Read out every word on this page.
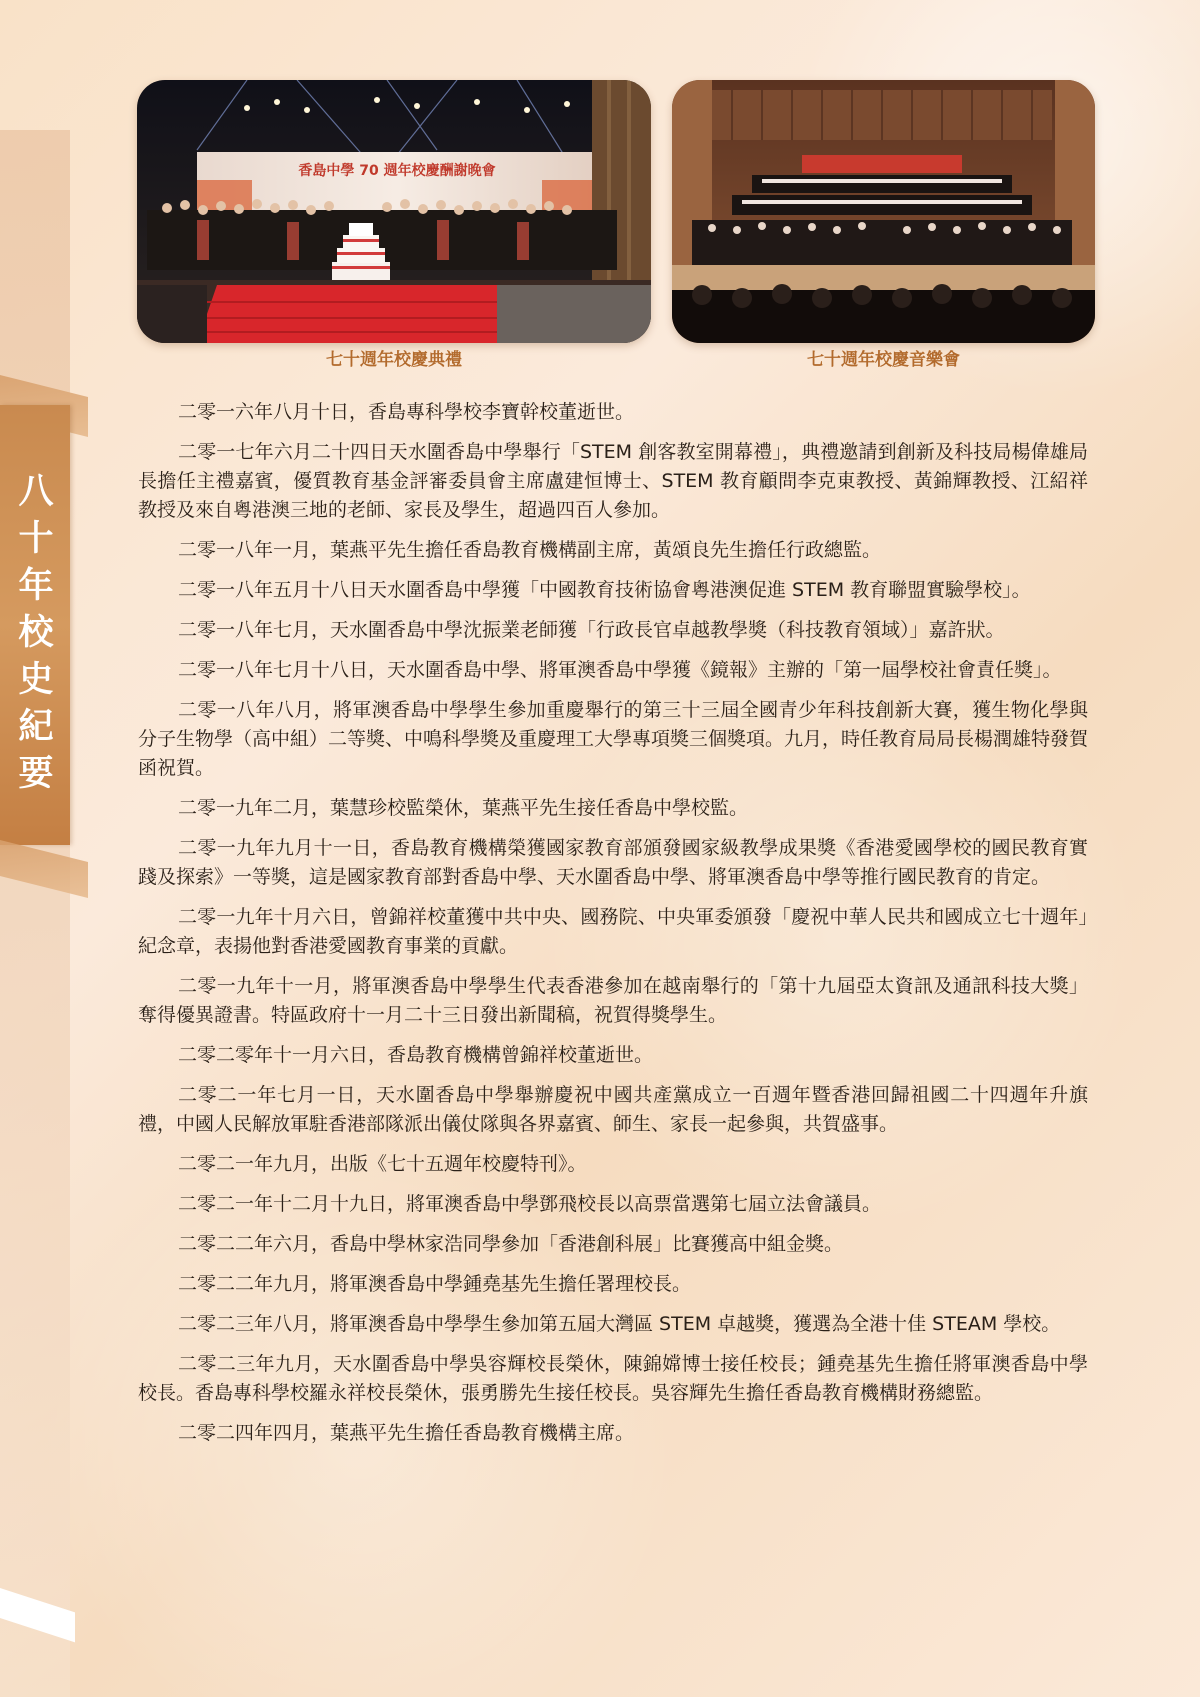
八
十
年
校
史
紀
要
香島中學 70 週年校慶酬謝晚會
七十週年校慶典禮	七十週年校慶音樂會

二零一六年八月十日，香島專科學校李寶幹校董逝世。

二零一七年六月二十四日天水圍香島中學舉行「STEM 創客教室開幕禮」，典禮邀請到創新及科技局楊偉雄局長擔任主禮嘉賓，優質教育基金評審委員會主席盧建恒博士、STEM 教育顧問李克東教授、黃錦輝教授、江紹祥教授及來自粵港澳三地的老師、家長及學生，超過四百人參加。

二零一八年一月，葉燕平先生擔任香島教育機構副主席，黃頌良先生擔任行政總監。

二零一八年五月十八日天水圍香島中學獲「中國教育技術協會粵港澳促進 STEM 教育聯盟實驗學校」。

二零一八年七月，天水圍香島中學沈振業老師獲「行政長官卓越教學獎（科技教育領域）」嘉許狀。

二零一八年七月十八日，天水圍香島中學、將軍澳香島中學獲《鏡報》主辦的「第一屆學校社會責任獎」。

二零一八年八月，將軍澳香島中學學生參加重慶舉行的第三十三屆全國青少年科技創新大賽，獲生物化學與分子生物學（高中組）二等獎、中鳴科學獎及重慶理工大學專項獎三個獎項。九月，時任教育局局長楊潤雄特發賀函祝賀。

二零一九年二月，葉慧珍校監榮休，葉燕平先生接任香島中學校監。

二零一九年九月十一日，香島教育機構榮獲國家教育部頒發國家級教學成果獎《香港愛國學校的國民教育實踐及探索》一等獎，這是國家教育部對香島中學、天水圍香島中學、將軍澳香島中學等推行國民教育的肯定。

二零一九年十月六日，曾錦祥校董獲中共中央、國務院、中央軍委頒發「慶祝中華人民共和國成立七十週年」紀念章，表揚他對香港愛國教育事業的貢獻。

二零一九年十一月，將軍澳香島中學學生代表香港參加在越南舉行的「第十九屆亞太資訊及通訊科技大獎」奪得優異證書。特區政府十一月二十三日發出新聞稿，祝賀得獎學生。

二零二零年十一月六日，香島教育機構曾錦祥校董逝世。

二零二一年七月一日，天水圍香島中學舉辦慶祝中國共產黨成立一百週年暨香港回歸祖國二十四週年升旗禮，中國人民解放軍駐香港部隊派出儀仗隊與各界嘉賓、師生、家長一起參與，共賀盛事。

二零二一年九月，出版《七十五週年校慶特刊》。

二零二一年十二月十九日，將軍澳香島中學鄧飛校長以高票當選第七屆立法會議員。

二零二二年六月，香島中學林家浩同學參加「香港創科展」比賽獲高中組金獎。

二零二二年九月，將軍澳香島中學鍾堯基先生擔任署理校長。

二零二三年八月，將軍澳香島中學學生參加第五屆大灣區 STEM 卓越獎，獲選為全港十佳 STEAM 學校。

二零二三年九月，天水圍香島中學吳容輝校長榮休，陳錦嫦博士接任校長；鍾堯基先生擔任將軍澳香島中學校長。香島專科學校羅永祥校長榮休，張勇勝先生接任校長。吳容輝先生擔任香島教育機構財務總監。

二零二四年四月，葉燕平先生擔任香島教育機構主席。
